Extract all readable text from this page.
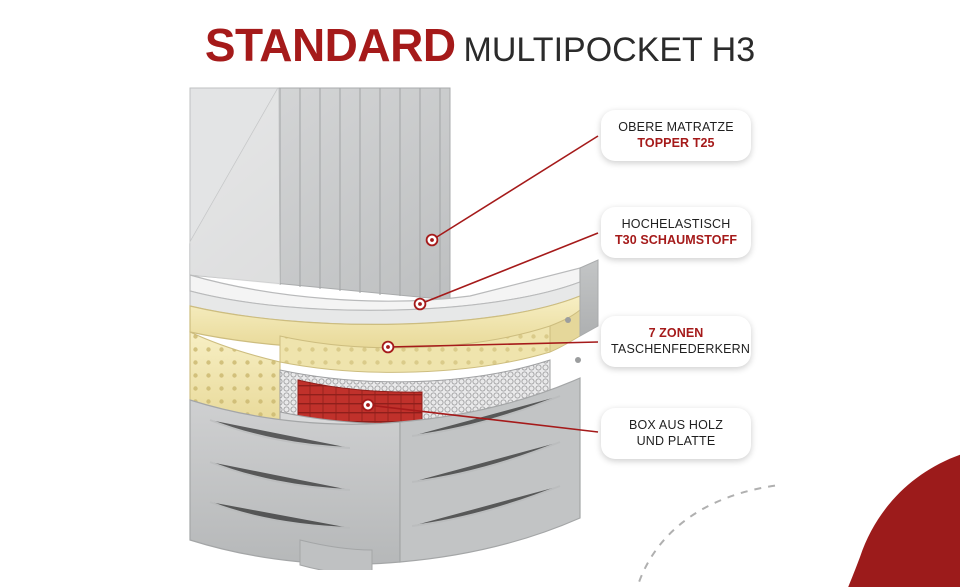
STANDARD MULTIPOCKET H3
OBERE MATRATZE
TOPPER T25
HOCHELASTISCH
T30 SCHAUMSTOFF
7 ZONEN
TASCHENFEDERKERN
BOX AUS HOLZ
UND PLATTE
